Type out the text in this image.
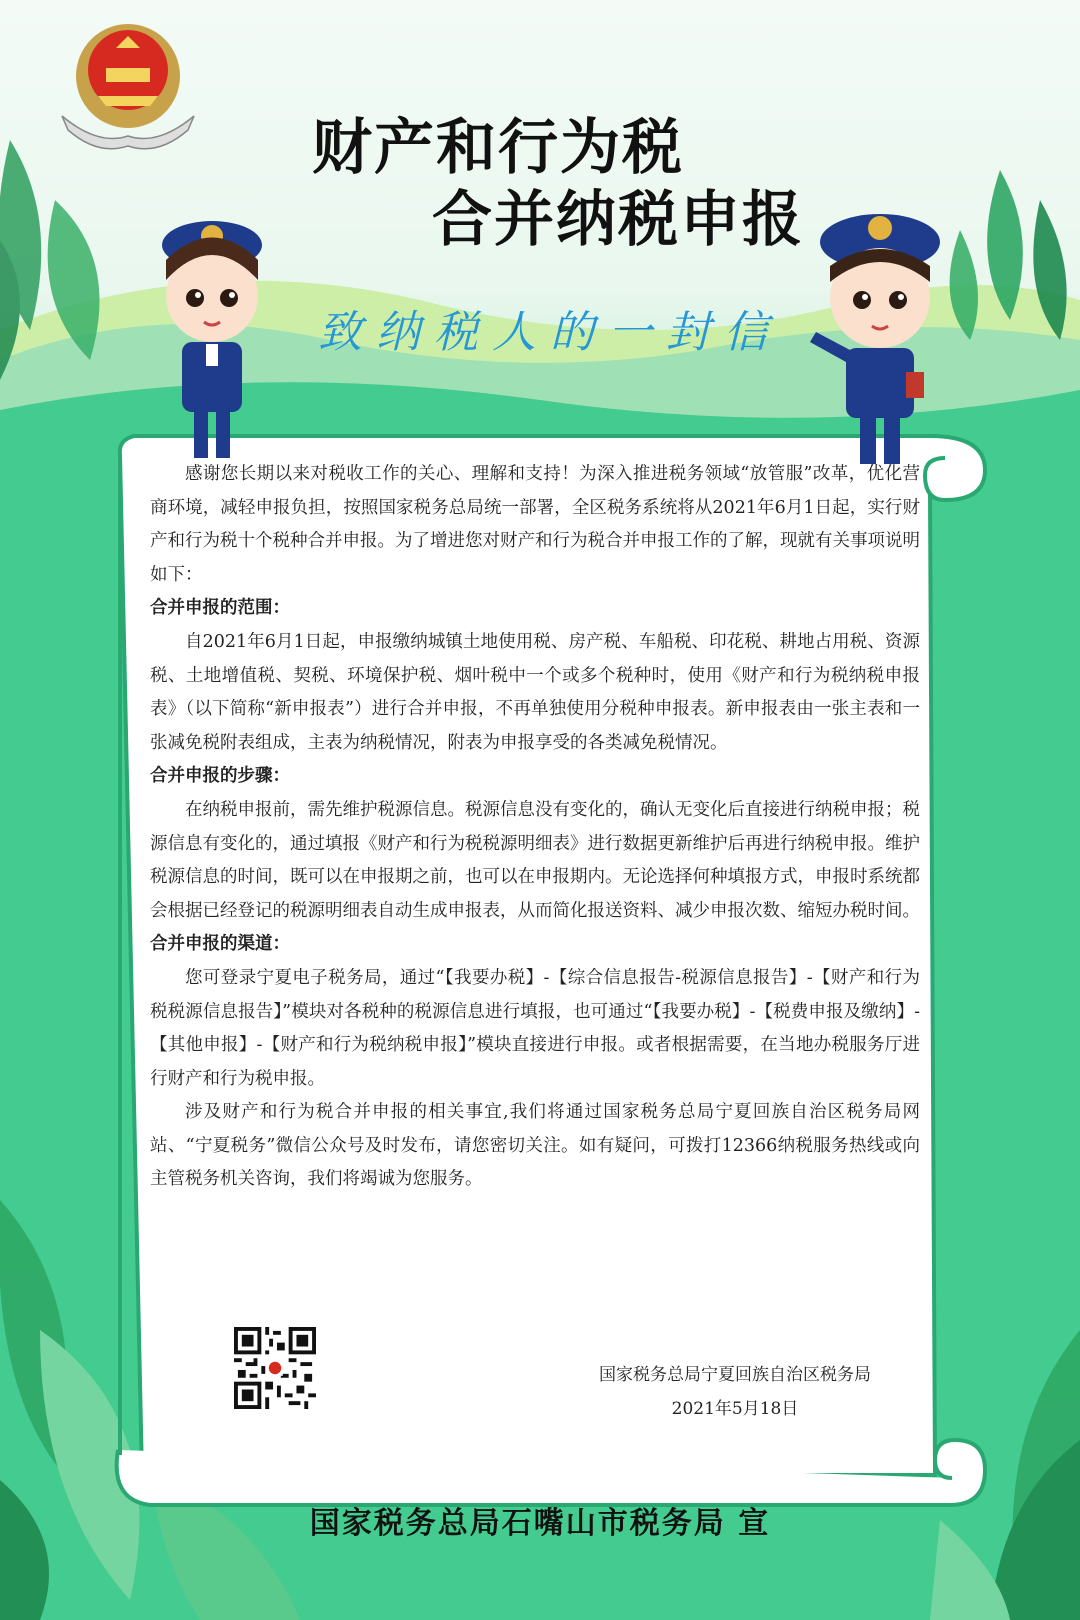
财产和行为税
合并纳税申报
致纳税人的一封信

感谢您长期以来对税收工作的关心、理解和支持！为深入推进税务领域“放管服”改革，优化营商环境，减轻申报负担，按照国家税务总局统一部署，全区税务系统将从2021年6月1日起，实行财产和行为税十个税种合并申报。为了增进您对财产和行为税合并申报工作的了解，现就有关事项说明如下：

合并申报的范围：

自2021年6月1日起，申报缴纳城镇土地使用税、房产税、车船税、印花税、耕地占用税、资源税、土地增值税、契税、环境保护税、烟叶税中一个或多个税种时，使用《财产和行为税纳税申报表》（以下简称“新申报表”）进行合并申报，不再单独使用分税种申报表。新申报表由一张主表和一张减免税附表组成，主表为纳税情况，附表为申报享受的各类减免税情况。

合并申报的步骤：

在纳税申报前，需先维护税源信息。税源信息没有变化的，确认无变化后直接进行纳税申报；税源信息有变化的，通过填报《财产和行为税税源明细表》进行数据更新维护后再进行纳税申报。维护税源信息的时间，既可以在申报期之前，也可以在申报期内。无论选择何种填报方式，申报时系统都会根据已经登记的税源明细表自动生成申报表，从而简化报送资料、减少申报次数、缩短办税时间。

合并申报的渠道：

您可登录宁夏电子税务局，通过“【我要办税】-【综合信息报告-税源信息报告】-【财产和行为税税源信息报告】”模块对各税种的税源信息进行填报，也可通过“【我要办税】-【税费申报及缴纳】-【其他申报】-【财产和行为税纳税申报】”模块直接进行申报。或者根据需要，在当地办税服务厅进行财产和行为税申报。

涉及财产和行为税合并申报的相关事宜,我们将通过国家税务总局宁夏回族自治区税务局网站、“宁夏税务”微信公众号及时发布，请您密切关注。如有疑问，可拨打12366纳税服务热线或向主管税务机关咨询，我们将竭诚为您服务。

国家税务总局宁夏回族自治区税务局
2021年5月18日
国家税务总局石嘴山市税务局 宣
